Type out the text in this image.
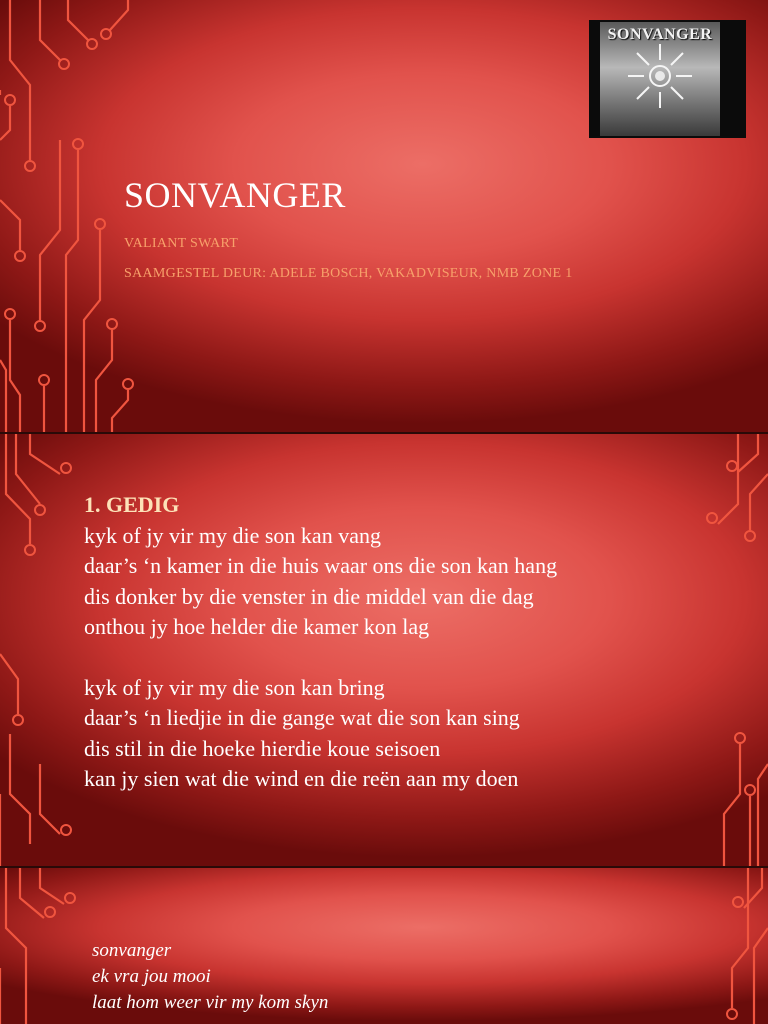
SONVANGER
SONVANGER
VALIANT SWART
SAAMGESTEL DEUR: ADELE BOSCH, VAKADVISEUR, NMB ZONE 1
1. GEDIG
kyk of jy vir my die son kan vang
daar’s ‘n kamer in die huis waar ons die son kan hang
dis donker by die venster in die middel van die dag
onthou jy hoe helder die kamer kon lag
kyk of jy vir my die son kan bring
daar’s ‘n liedjie in die gange wat die son kan sing
dis stil in die hoeke hierdie koue seisoen
kan jy sien wat die wind en die reën aan my doen
sonvanger
ek vra jou mooi
laat hom weer vir my kom skyn
